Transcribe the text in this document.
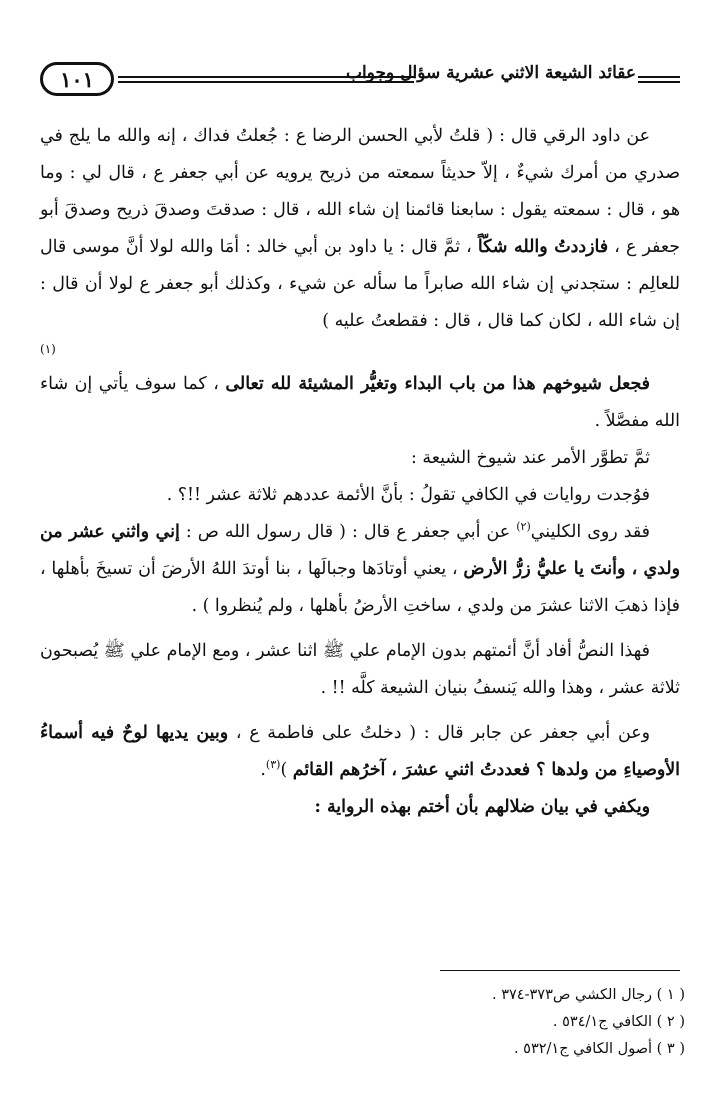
١٠١	عقائد الشيعة الاثني عشرية سؤال وجواب

عن داود الرقي قال : ( قلتُ لأبي الحسن الرضا ع : جُعلتُ فداك ، إنه والله ما يلج في صدري من أمرك شيءٌ ، إلاّ حديثاً سمعته من ذريح يرويه عن أبي جعفر ع ، قال لي : وما هو ، قال : سمعته يقول : سابعنا قائمنا إن شاء الله ، قال : صدقتَ وصدقَ ذريح وصدقَ أبو جعفر ع ، فازددتُ والله شكّاً ، ثمَّ قال : يا داود بن أبي خالد : أمَا والله لولا أنَّ موسى قال للعالِم : ستجدني إن شاء الله صابراً ما سأله عن شيء ، وكذلك أبو جعفر ع لولا أن قال : إن شاء الله ، لكان كما قال ، قال : فقطعتُ عليه )
(١)

فجعل شيوخهم هذا من باب البداء وتغيُّر المشيئة لله تعالى ، كما سوف يأتي إن شاء الله مفصَّلاً .

ثمَّ تطوَّر الأمر عند شيوخ الشيعة :

فوُجدت روايات في الكافي تقولُ : بأنَّ الأئمة عددهم ثلاثة عشر !!؟ .

فقد روى الكليني$^{(٢)}$ عن أبي جعفر ع قال : ( قال رسول الله ص : إني واثني عشر من ولدي ، وأنتَ يا عليُّ زرُّ الأرض ، يعني أوتادَها وجبالَها ، بنا أوتدَ اللهُ الأرضَ أن تسيخَ بأهلها ، فإذا ذهبَ الاثنا عشرَ من ولدي ، ساختِ الأرضُ بأهلها ، ولم يُنظروا ) .

فهذا النصُّ أفاد أنَّ أئمتهم بدون الإمام علي ﷺ اثنا عشر ، ومع الإمام علي ﷺ يُصبحون ثلاثة عشر ، وهذا والله يَنسفُ بنيان الشيعة كلَّه !! .

وعن أبي جعفر عن جابر قال : ( دخلتُ على فاطمة ع ، وبين يديها لوحٌ فيه أسماءُ الأوصياءِ من ولدها ؟ فعددتُ اثني عشرَ ، آخرُهم القائم )$^{(٣)}$.

ويكفي في بيان ضلالهم بأن أختم بهذه الرواية :

( ١ ) رجال الكشي ص٣٧٣-٣٧٤ .

( ٢ ) الكافي ج٥٣٤/١ .

( ٣ ) أصول الكافي ج٥٣٢/١ .
